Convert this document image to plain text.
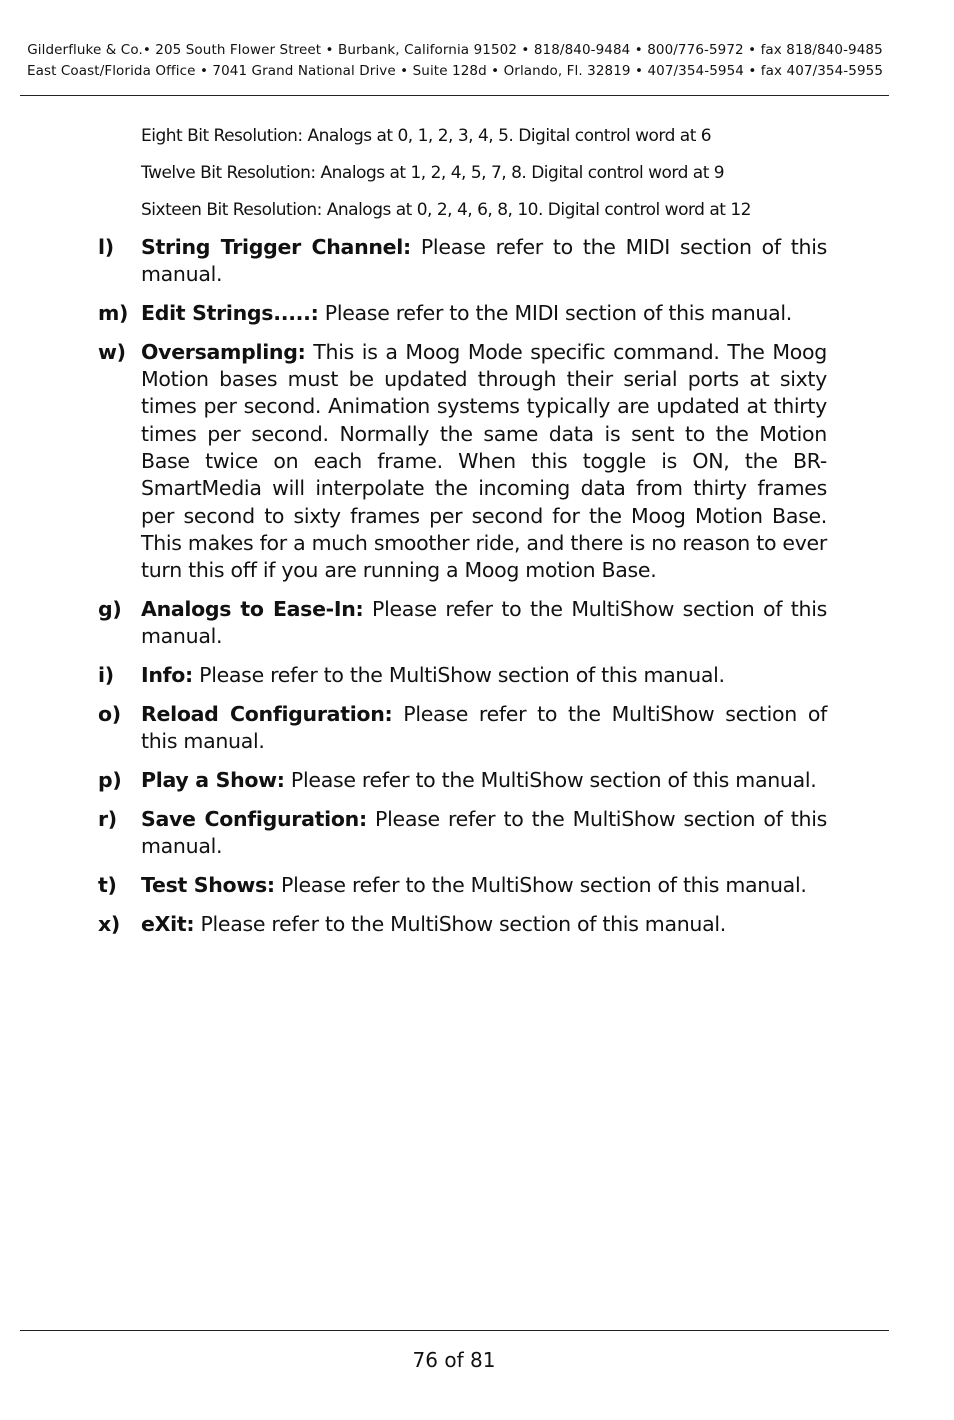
Gilderfluke & Co.• 205 South Flower Street • Burbank, California 91502 • 818/840-9484 • 800/776-5972 • fax 818/840-9485
East Coast/Florida Office • 7041 Grand National Drive • Suite 128d • Orlando, Fl. 32819 • 407/354-5954 • fax 407/354-5955
Eight Bit Resolution: Analogs at 0, 1, 2, 3, 4, 5. Digital control word at 6
Twelve Bit Resolution: Analogs at 1, 2, 4, 5, 7, 8. Digital control word at 9
Sixteen Bit Resolution: Analogs at 0, 2, 4, 6, 8, 10. Digital control word at 12
l)	String Trigger Channel: Please refer to the MIDI section of this manual.
m) Edit Strings.....: Please refer to the MIDI section of this manual.
w) Oversampling: This is a Moog Mode specific command. The Moog Motion bases must be updated through their serial ports at sixty times per second. Animation systems typically are updated at thirty times per second. Normally the same data is sent to the Motion Base twice on each frame. When this toggle is ON, the BR-SmartMedia will interpolate the incoming data from thirty frames per second to sixty frames per second for the Moog Motion Base. This makes for a much smoother ride, and there is no reason to ever turn this off if you are running a Moog motion Base.
g) Analogs to Ease-In: Please refer to the MultiShow section of this manual.
i)	Info: Please refer to the MultiShow section of this manual.
o) Reload Configuration: Please refer to the MultiShow section of this manual.
p) Play a Show: Please refer to the MultiShow section of this manual.
r)	Save Configuration: Please refer to the MultiShow section of this manual.
t)	Test Shows: Please refer to the MultiShow section of this manual.
x)	eXit: Please refer to the MultiShow section of this manual.
76 of 81
